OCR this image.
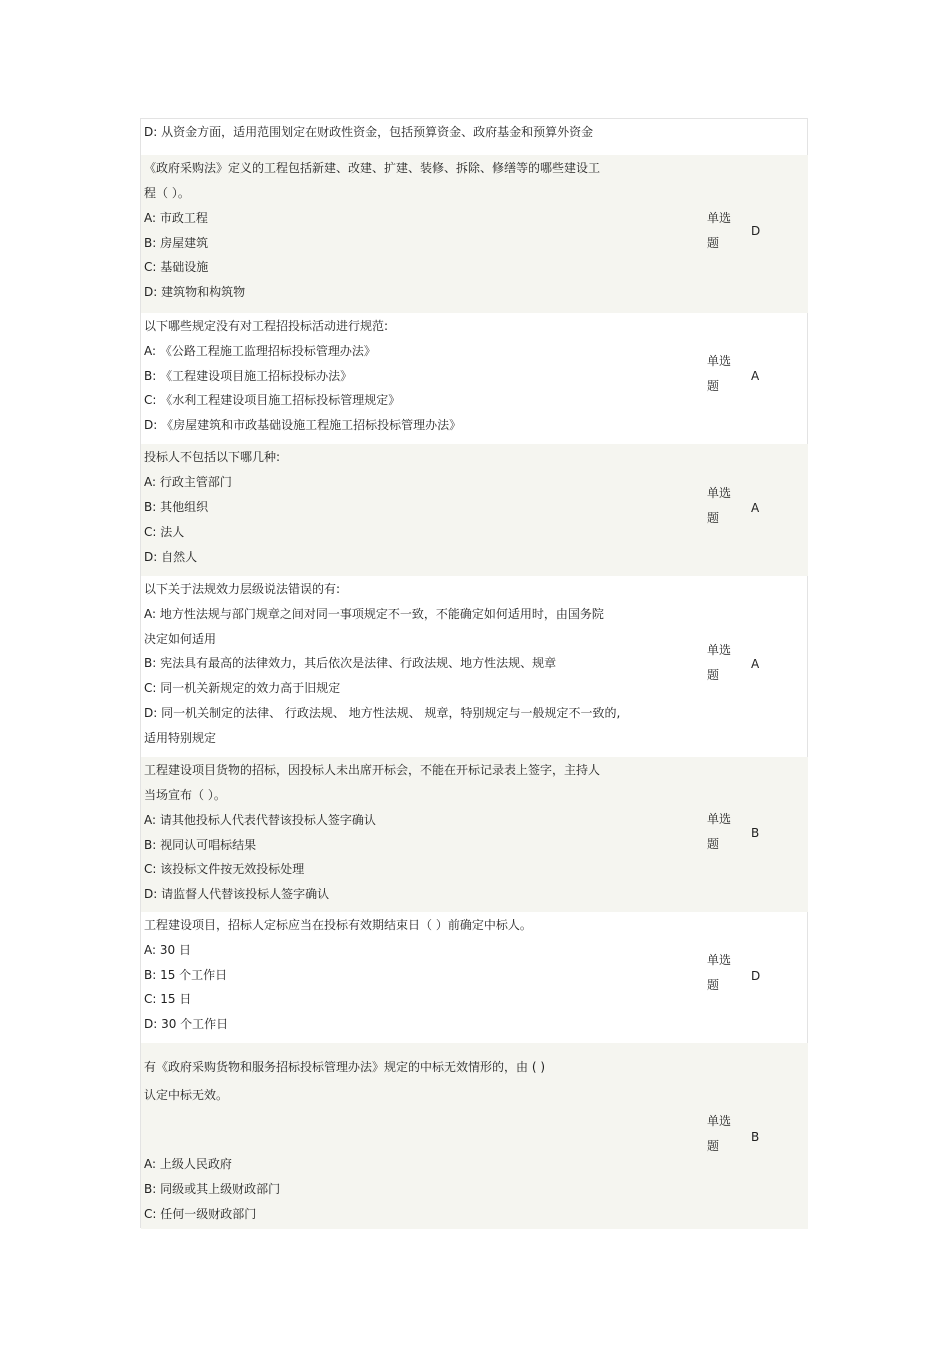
D: 从资金方面，适用范围划定在财政性资金，包括预算资金、政府基金和预算外资金
《政府采购法》定义的工程包括新建、改建、扩建、装修、拆除、修缮等的哪些建设工
程（ ）。
A: 市政工程
B: 房屋建筑
C: 基础设施
D: 建筑物和构筑物
单选题
D
以下哪些规定没有对工程招投标活动进行规范:
A: 《公路工程施工监理招标投标管理办法》
B: 《工程建设项目施工招标投标办法》
C: 《水利工程建设项目施工招标投标管理规定》
D: 《房屋建筑和市政基础设施工程施工招标投标管理办法》
单选题
A
投标人不包括以下哪几种:
A: 行政主管部门
B: 其他组织
C: 法人
D: 自然人
单选题
A
以下关于法规效力层级说法错误的有:
A: 地方性法规与部门规章之间对同一事项规定不一致，不能确定如何适用时，由国务院
决定如何适用
B: 宪法具有最高的法律效力，其后依次是法律、行政法规、地方性法规、规章
C: 同一机关新规定的效力高于旧规定
D: 同一机关制定的法律、 行政法规、 地方性法规、 规章，特别规定与一般规定不一致的,
适用特别规定
单选题
A
工程建设项目货物的招标，因投标人未出席开标会，不能在开标记录表上签字，主持人
当场宣布（ ）。
A: 请其他投标人代表代替该投标人签字确认
B: 视同认可唱标结果
C: 该投标文件按无效投标处理
D: 请监督人代替该投标人签字确认
单选题
B
工程建设项目，招标人定标应当在投标有效期结束日（ ）前确定中标人。
A: 30 日
B: 15 个工作日
C: 15 日
D: 30 个工作日
单选题
D
有《政府采购货物和服务招标投标管理办法》规定的中标无效情形的，由 ( )
认定中标无效。
A: 上级人民政府
B: 同级或其上级财政部门
C: 任何一级财政部门
单选题
B
